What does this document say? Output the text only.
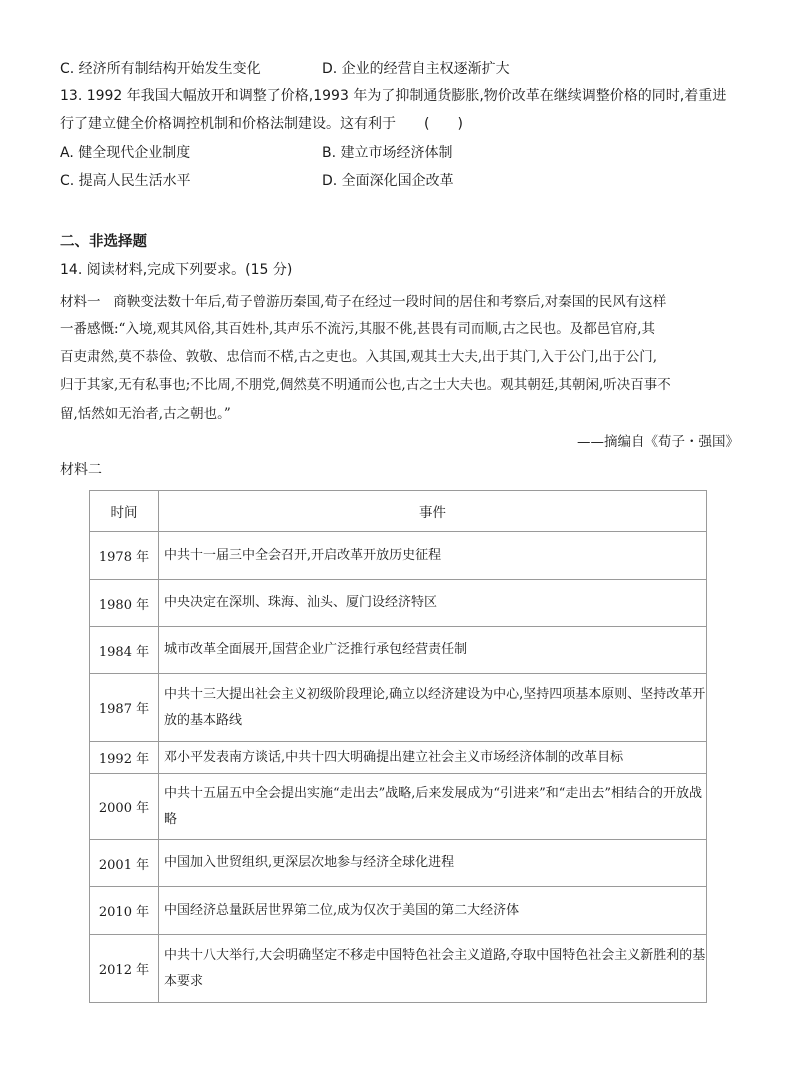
C. 经济所有制结构开始发生变化	D. 企业的经营自主权逐渐扩大
13. 1992 年我国大幅放开和调整了价格,1993 年为了抑制通货膨胀,物价改革在继续调整价格的同时,着重进
行了建立健全价格调控机制和价格法制建设。这有利于　　(　　)
A. 健全现代企业制度	B. 建立市场经济体制
C. 提高人民生活水平	D. 全面深化国企改革
二、非选择题
14. 阅读材料,完成下列要求。(15 分)
材料一 商鞅变法数十年后,荀子曾游历秦国,荀子在经过一段时间的居住和考察后,对秦国的民风有这样
一番感慨:“入境,观其风俗,其百姓朴,其声乐不流污,其服不佻,甚畏有司而顺,古之民也。及都邑官府,其
百吏肃然,莫不恭俭、敦敬、忠信而不楛,古之吏也。入其国,观其士大夫,出于其门,入于公门,出于公门,
归于其家,无有私事也;不比周,不朋党,倜然莫不明通而公也,古之士大夫也。观其朝廷,其朝闲,听决百事不
留,恬然如无治者,古之朝也。”
——摘编自《荀子・强国》
材料二
时间	事件
1978 年	中共十一届三中全会召开,开启改革开放历史征程
1980 年	中央决定在深圳、珠海、汕头、厦门设经济特区
1984 年	城市改革全面展开,国营企业广泛推行承包经营责任制
1987 年	中共十三大提出社会主义初级阶段理论,确立以经济建设为中心,坚持四项基本原则、坚持改革开放的基本路线
1992 年	邓小平发表南方谈话,中共十四大明确提出建立社会主义市场经济体制的改革目标
2000 年	中共十五届五中全会提出实施“走出去”战略,后来发展成为“引进来”和“走出去”相结合的开放战略
2001 年	中国加入世贸组织,更深层次地参与经济全球化进程
2010 年	中国经济总量跃居世界第二位,成为仅次于美国的第二大经济体
2012 年	中共十八大举行,大会明确坚定不移走中国特色社会主义道路,夺取中国特色社会主义新胜利的基本要求
